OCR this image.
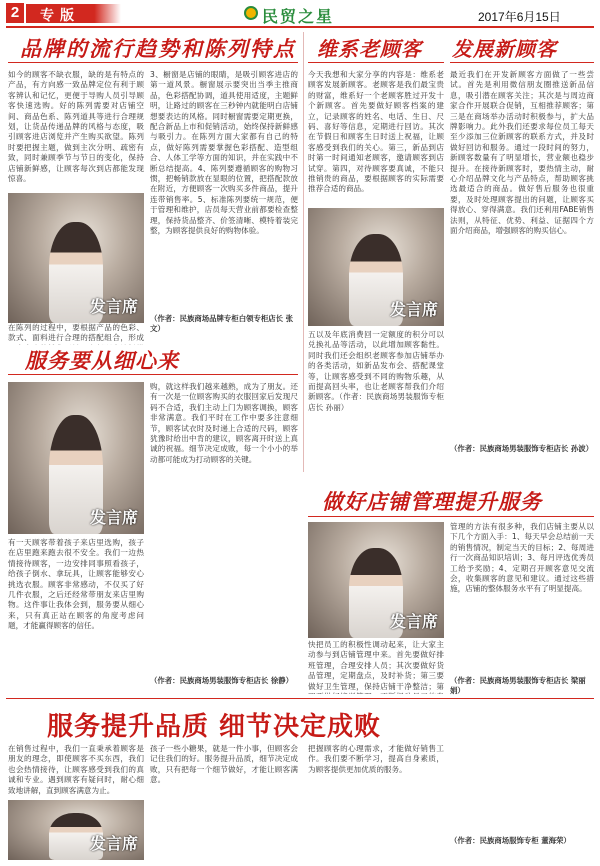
2	专版	民贸之星	2017年6月15日
品牌的流行趋势和陈列特点
如今的顾客不缺衣服，缺的是有特点的产品，有方向感一致品牌定位有利于顾客辨认和记忆，更便于导购人员引导顾客快速选购。好的陈列需要对店铺空间、商品色系、陈列道具等进行合理规划，让货品传递品牌的风格与态度，吸引顾客进店浏览并产生购买欲望。陈列时要把握主题，做到主次分明、疏密有致，同时兼顾季节与节日的变化，保持店铺新鲜感，让顾客每次到店都能发现惊喜。
发言席
在陈列的过程中，要根据产品的色彩、款式、面料进行合理的搭配组合，形成
3、橱窗是店铺的眼睛，是吸引顾客进店的第一道风景。橱窗展示要突出当季主推商品，色彩搭配协调，道具使用适度，主题鲜明，让路过的顾客在三秒钟内就能明白店铺想要表达的风格。同时橱窗需要定期更换，配合新品上市和促销活动，始终保持新鲜感与吸引力。在陈列方面大家都有自己的特点，做好陈列需要掌握色彩搭配、造型组合、人体工学等方面的知识，并在实践中不断总结提高。4、陈列要遵循顾客的购物习惯，把畅销款放在显眼的位置，把搭配款放在附近，方便顾客一次购买多件商品，提升连带销售率。5、标准陈列要统一规范，便于管理和维护，店员每天营业前都要检查整理，保持货品整齐、价签清晰、模特着装完整，为顾客提供良好的购物体验。
（作者：民族商场品牌专柜白领专柜店长 张文）
维系老顾客
今天我想和大家分享的内容是：维系老顾客发展新顾客。老顾客是我们最宝贵的财富，维系好一个老顾客胜过开发十个新顾客。首先要做好顾客档案的建立，记录顾客的姓名、电话、生日、尺码、喜好等信息，定期进行回访。其次在节假日和顾客生日时送上祝福，让顾客感受到我们的关心。第三，新品到店时第一时间通知老顾客，邀请顾客到店试穿。第四，对待顾客要真诚，不能只推销贵的商品，要根据顾客的实际需要推荐合适的商品。
发言席
五以及年底消费回一定额度的积分可以兑换礼品等活动，以此增加顾客黏性。同时我们还会组织老顾客参加店铺举办的各类活动，如新品发布会、搭配课堂等，让顾客感受到不同的购物乐趣，从而提高回头率，也让老顾客帮我们介绍新顾客。（作者：民族商场男装服饰专柜店长 孙丽）
发展新顾客
最近我们在开发新顾客方面做了一些尝试。首先是利用微信朋友圈推送新品信息，吸引潜在顾客关注；其次是与周边商家合作开展联合促销，互相推荐顾客；第三是在商场举办活动时积极参与，扩大品牌影响力。此外我们还要求每位员工每天至少添加三位新顾客的联系方式，并及时做好回访和服务。通过一段时间的努力，新顾客数量有了明显增长，营业额也稳步提升。在接待新顾客时，要热情主动，耐心介绍品牌文化与产品特点，帮助顾客挑选最适合的商品。做好售后服务也很重要，及时处理顾客提出的问题，让顾客买得放心、穿得满意。我们还利用FABE销售法则，从特征、优势、利益、证据四个方面介绍商品，增强顾客的购买信心。
（作者：民族商场男装服饰专柜店长 孙波）
服务要从细心来
发言席
有一天顾客带着孩子来店里选购，孩子在店里跑来跑去很不安全。我们一边热情接待顾客，一边安排同事照看孩子，给孩子倒水、拿玩具，让顾客能够安心挑选衣服。顾客非常感动，不仅买了好几件衣服，之后还经常带朋友来店里购物。这件事让我体会到，服务要从细心来，只有真正站在顾客的角度考虑问题，才能赢得顾客的信任。
购，就这样我们越来越熟，成为了朋友。还有一次是一位顾客购买的衣服回家后发现尺码不合适，我们主动上门为顾客调换，顾客非常满意。我们平时在工作中要多注意细节，顾客试衣时及时递上合适的尺码，顾客犹豫时给出中肯的建议，顾客离开时送上真诚的祝福。细节决定成败，每一个小小的举动都可能成为打动顾客的关键。
（作者：民族商场男装服饰专柜店长 徐静）
做好店铺管理提升服务
发言席
快把员工的积极性调动起来，让大家主动参与到店铺管理中来。首先要做好排班管理，合理安排人员；其次要做好货品管理，定期盘点，及时补货；第三要做好卫生管理，保持店铺干净整洁；第
管理的方法有很多种，我们店铺主要从以下几个方面入手：1、每天早会总结前一天的销售情况，制定当天的目标；2、每周进行一次商品知识培训；3、每月评选优秀员工给予奖励；4、定期召开顾客意见交流会，收集顾客的意见和建议。通过这些措施，店铺的整体服务水平有了明显提高。
（作者：民族商场男装服饰专柜店长 梁丽娟）
服务提升品质 细节决定成败
在销售过程中，我们一直秉承着顾客是朋友的理念，即使顾客不买东西，我们也会热情接待，让顾客感受到我们的真诚和专业。遇到顾客有疑问时，耐心细致地讲解，直到顾客满意为止。
发言席
孩子一些小糖果，就是一件小事，但顾客会记住我们的好。服务提升品质，细节决定成败，只有把每一个细节做好，才能让顾客满意。
把握顾客的心理需求，才能做好销售工作。我们要不断学习，提高自身素质，为顾客提供更加优质的服务。
（作者：民族商场服饰专柜 董海荣）
